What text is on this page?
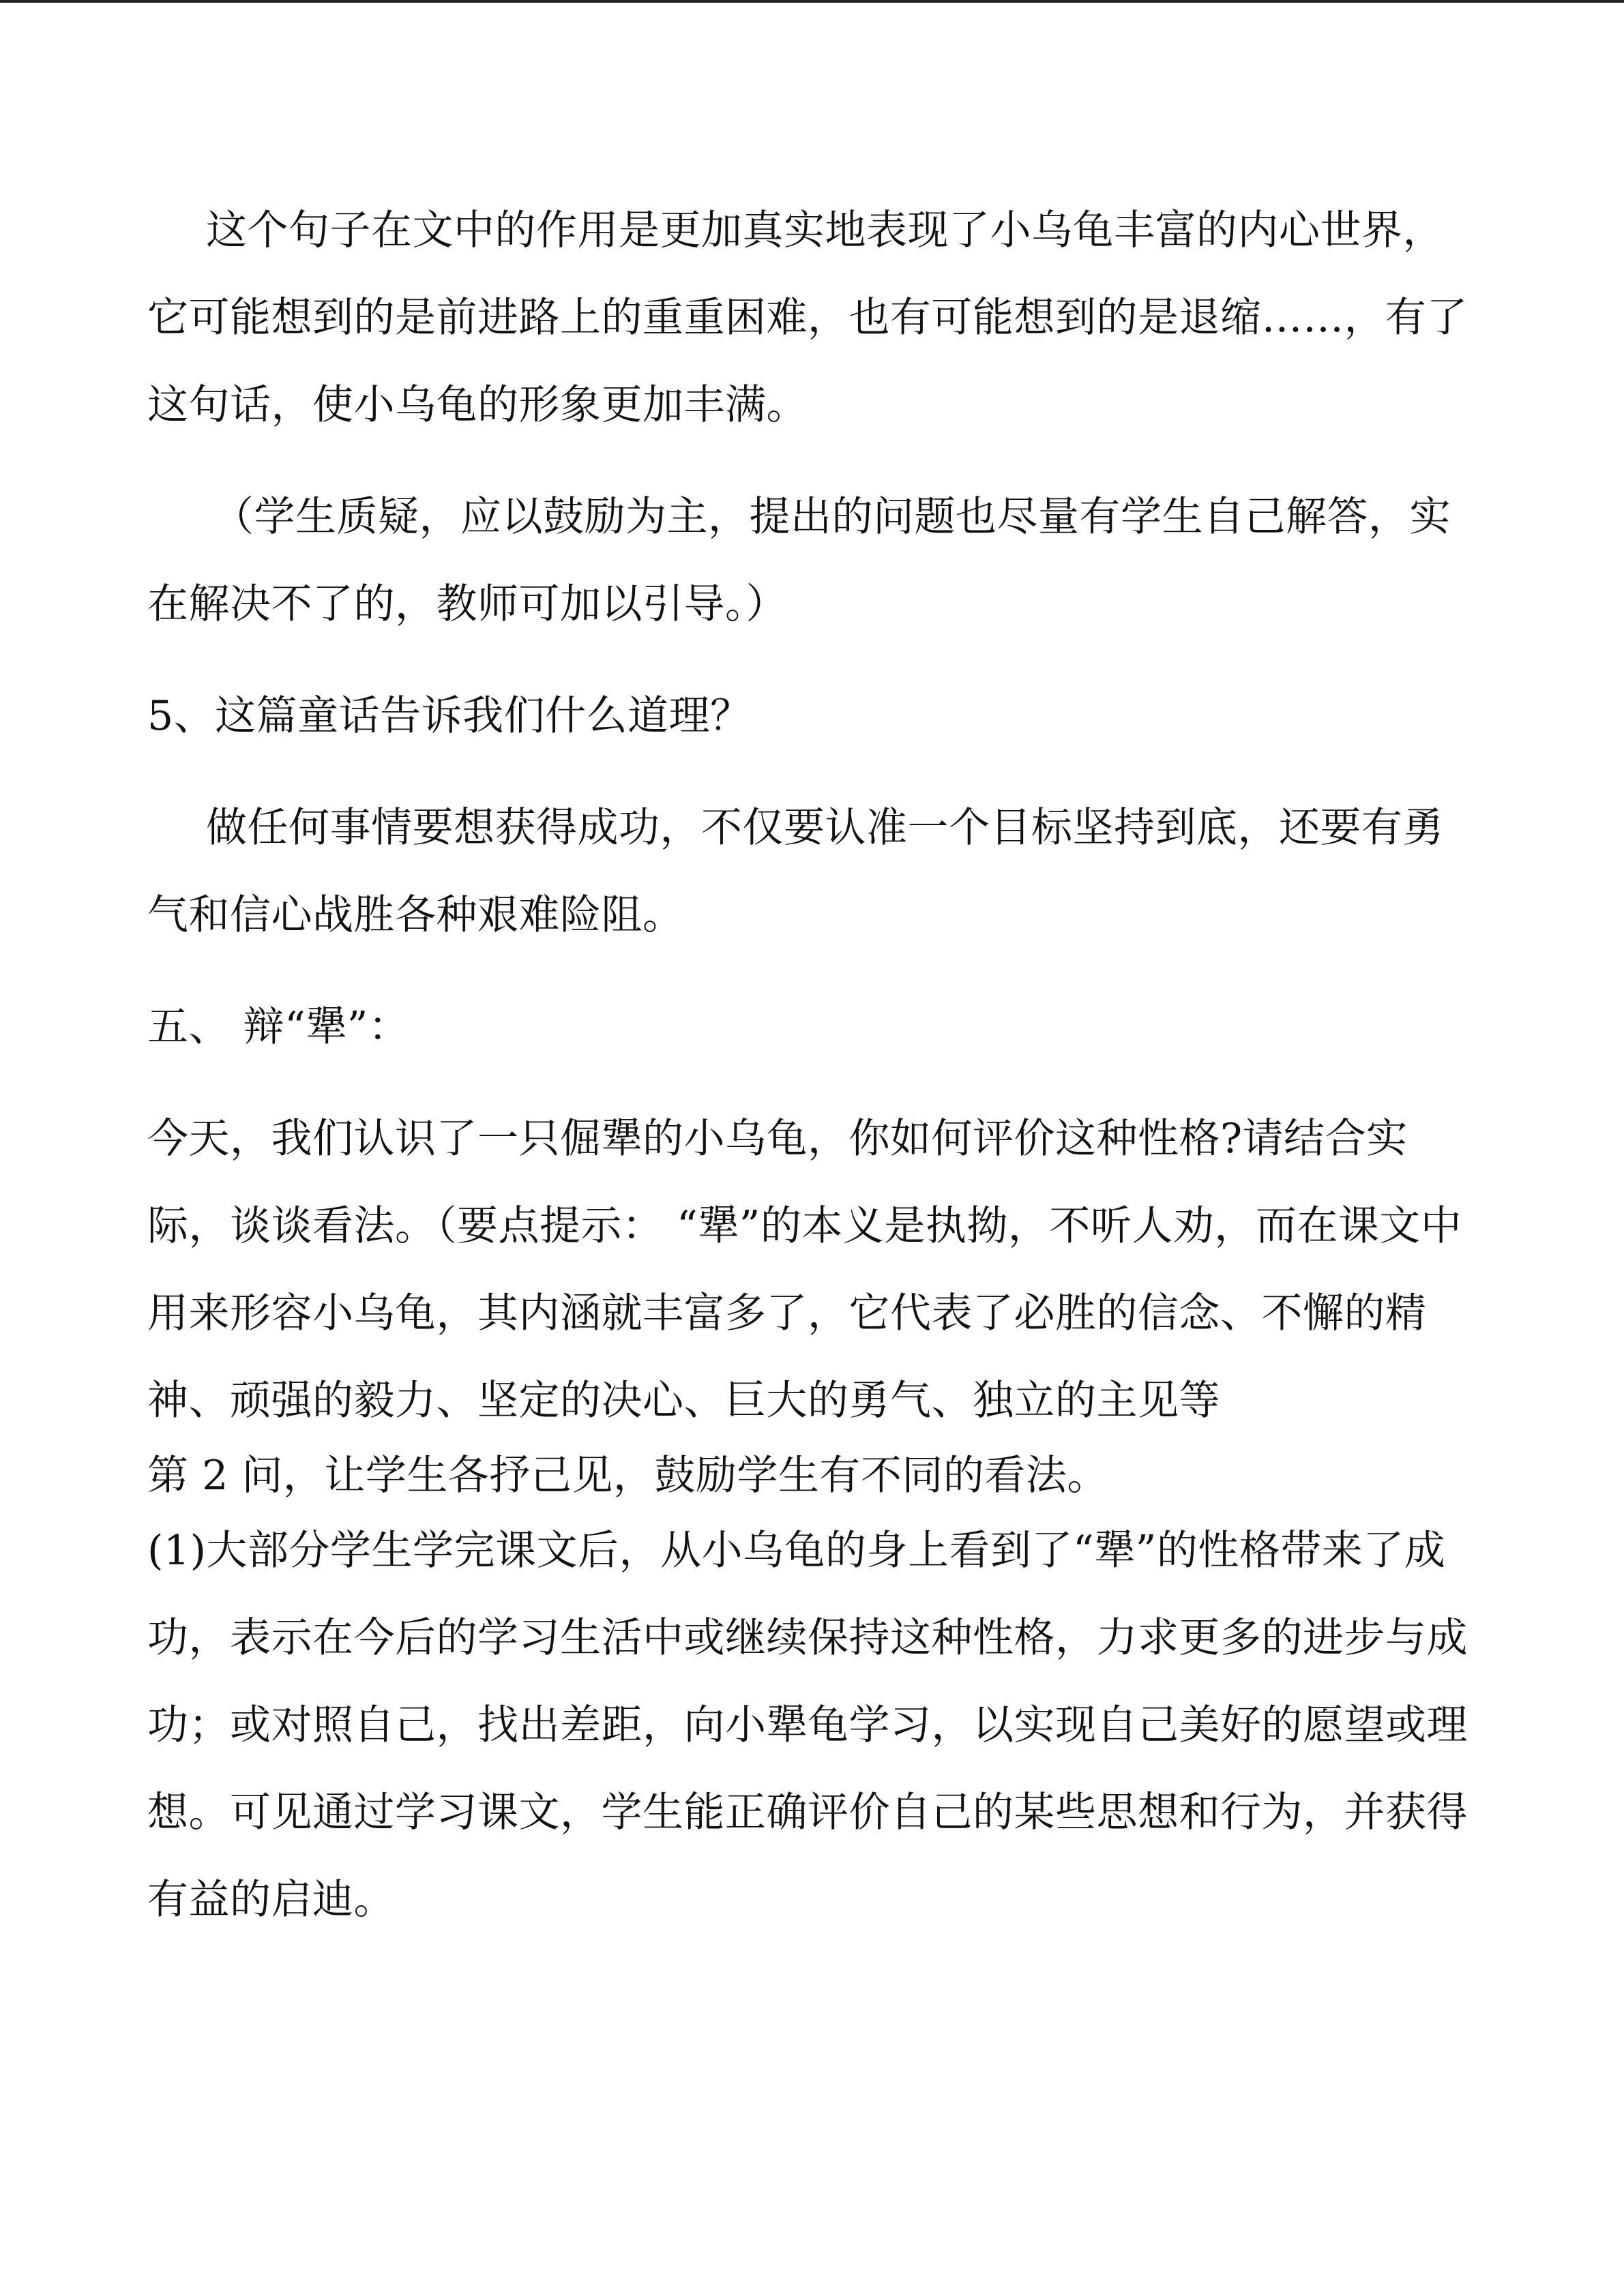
这个句子在文中的作用是更加真实地表现了小乌龟丰富的内心世界，它可能想到的是前进路上的重重困难，也有可能想到的是退缩……，有了这句话，使小乌龟的形象更加丰满。

（学生质疑，应以鼓励为主，提出的问题也尽量有学生自己解答，实在解决不了的，教师可加以引导。）

5、这篇童话告诉我们什么道理？

做任何事情要想获得成功，不仅要认准一个目标坚持到底，还要有勇气和信心战胜各种艰难险阻。

五、 辩“犟”：

今天，我们认识了一只倔犟的小乌龟，你如何评价这种性格?请结合实际，谈谈看法。（要点提示： “犟”的本义是执拗，不听人劝，而在课文中用来形容小乌龟，其内涵就丰富多了，它代表了必胜的信念、不懈的精神、顽强的毅力、坚定的决心、巨大的勇气、独立的主见等

第 2 问，让学生各抒己见，鼓励学生有不同的看法。

(1)大部分学生学完课文后，从小乌龟的身上看到了“犟”的性格带来了成功，表示在今后的学习生活中或继续保持这种性格，力求更多的进步与成功；或对照自己，找出差距，向小犟龟学习，以实现自己美好的愿望或理想。可见通过学习课文，学生能正确评价自己的某些思想和行为，并获得有益的启迪。
